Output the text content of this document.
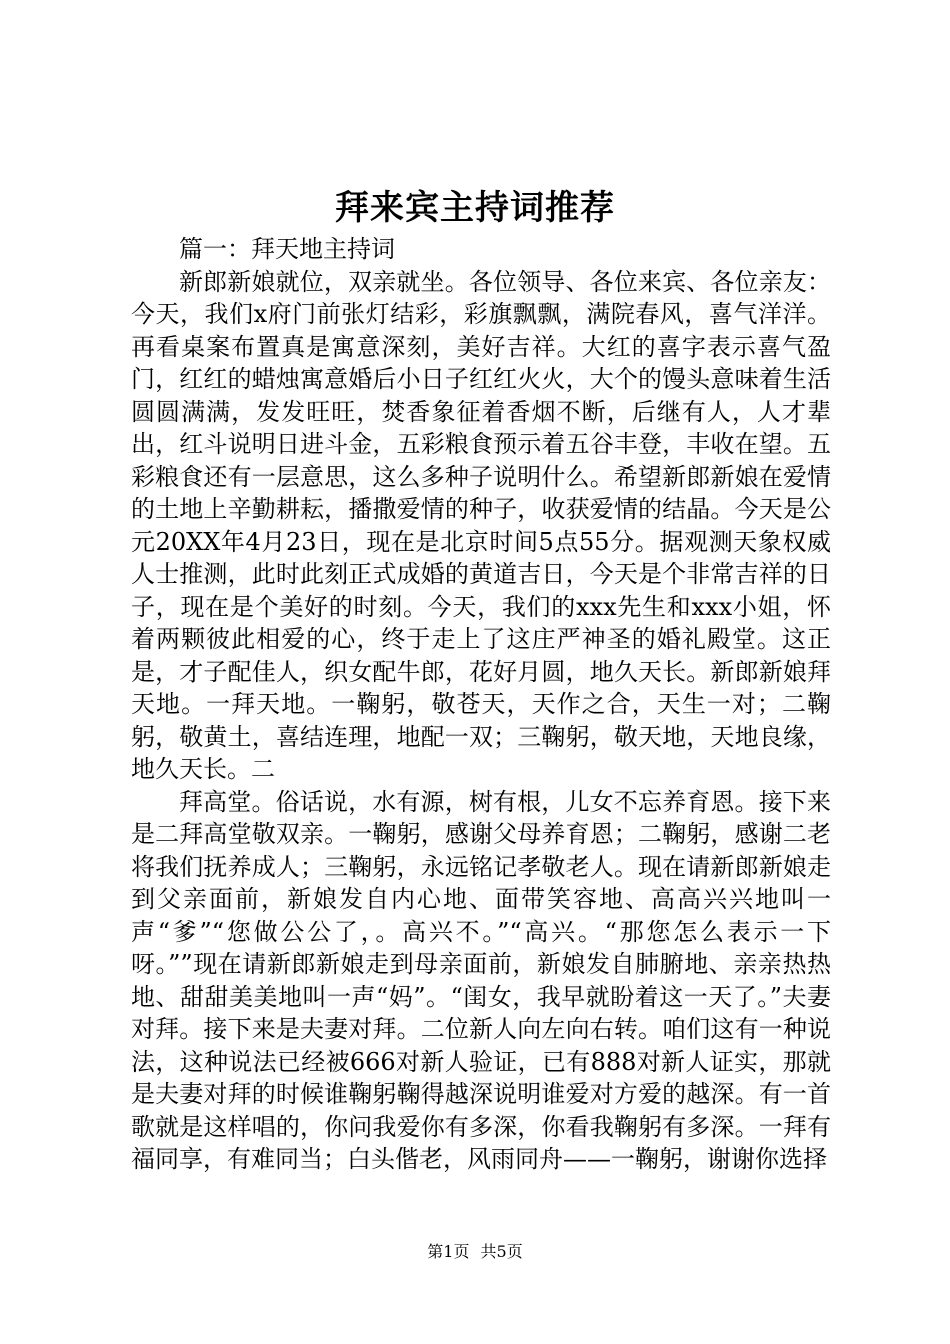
拜来宾主持词推荐

篇一：拜天地主持词

新郎新娘就位，双亲就坐。各位领导、各位来宾、各位亲友：今天，我们x府门前张灯结彩，彩旗飘飘，满院春风，喜气洋洋。再看桌案布置真是寓意深刻，美好吉祥。大红的喜字表示喜气盈门，红红的蜡烛寓意婚后小日子红红火火，大个的馒头意味着生活圆圆满满，发发旺旺，焚香象征着香烟不断，后继有人，人才辈出，红斗说明日进斗金，五彩粮食预示着五谷丰登，丰收在望。五彩粮食还有一层意思，这么多种子说明什么。希望新郎新娘在爱情的土地上辛勤耕耘，播撒爱情的种子，收获爱情的结晶。今天是公元20XX年4月23日，现在是北京时间5点55分。据观测天象权威人士推测，此时此刻正式成婚的黄道吉日，今天是个非常吉祥的日子，现在是个美好的时刻。今天，我们的xxx先生和xxx小姐，怀着两颗彼此相爱的心，终于走上了这庄严神圣的婚礼殿堂。这正是，才子配佳人，织女配牛郎，花好月圆，地久天长。新郎新娘拜天地。一拜天地。一鞠躬，敬苍天，天作之合，天生一对；二鞠躬，敬黄土，喜结连理，地配一双；三鞠躬，敬天地，天地良缘，地久天长。二

拜高堂。俗话说，水有源，树有根，儿女不忘养育恩。接下来是二拜高堂敬双亲。一鞠躬，感谢父母养育恩；二鞠躬，感谢二老将我们抚养成人；三鞠躬，永远铭记孝敬老人。现在请新郎新娘走到父亲面前，新娘发自内心地、面带笑容地、高高兴兴地叫一声“爹”“您做公公了，。高兴不。”“高兴。“那您怎么表示一下呀。””现在请新郎新娘走到母亲面前，新娘发自肺腑地、亲亲热热地、甜甜美美地叫一声“妈”。“闺女，我早就盼着这一天了。”夫妻对拜。接下来是夫妻对拜。二位新人向左向右转。咱们这有一种说法，这种说法已经被666对新人验证，已有888对新人证实，那就是夫妻对拜的时候谁鞠躬鞠得越深说明谁爱对方爱的越深。有一首歌就是这样唱的，你问我爱你有多深，你看我鞠躬有多深。一拜有福同享，有难同当；白头偕老，风雨同舟——一鞠躬，谢谢你选择

第1页 共5页
